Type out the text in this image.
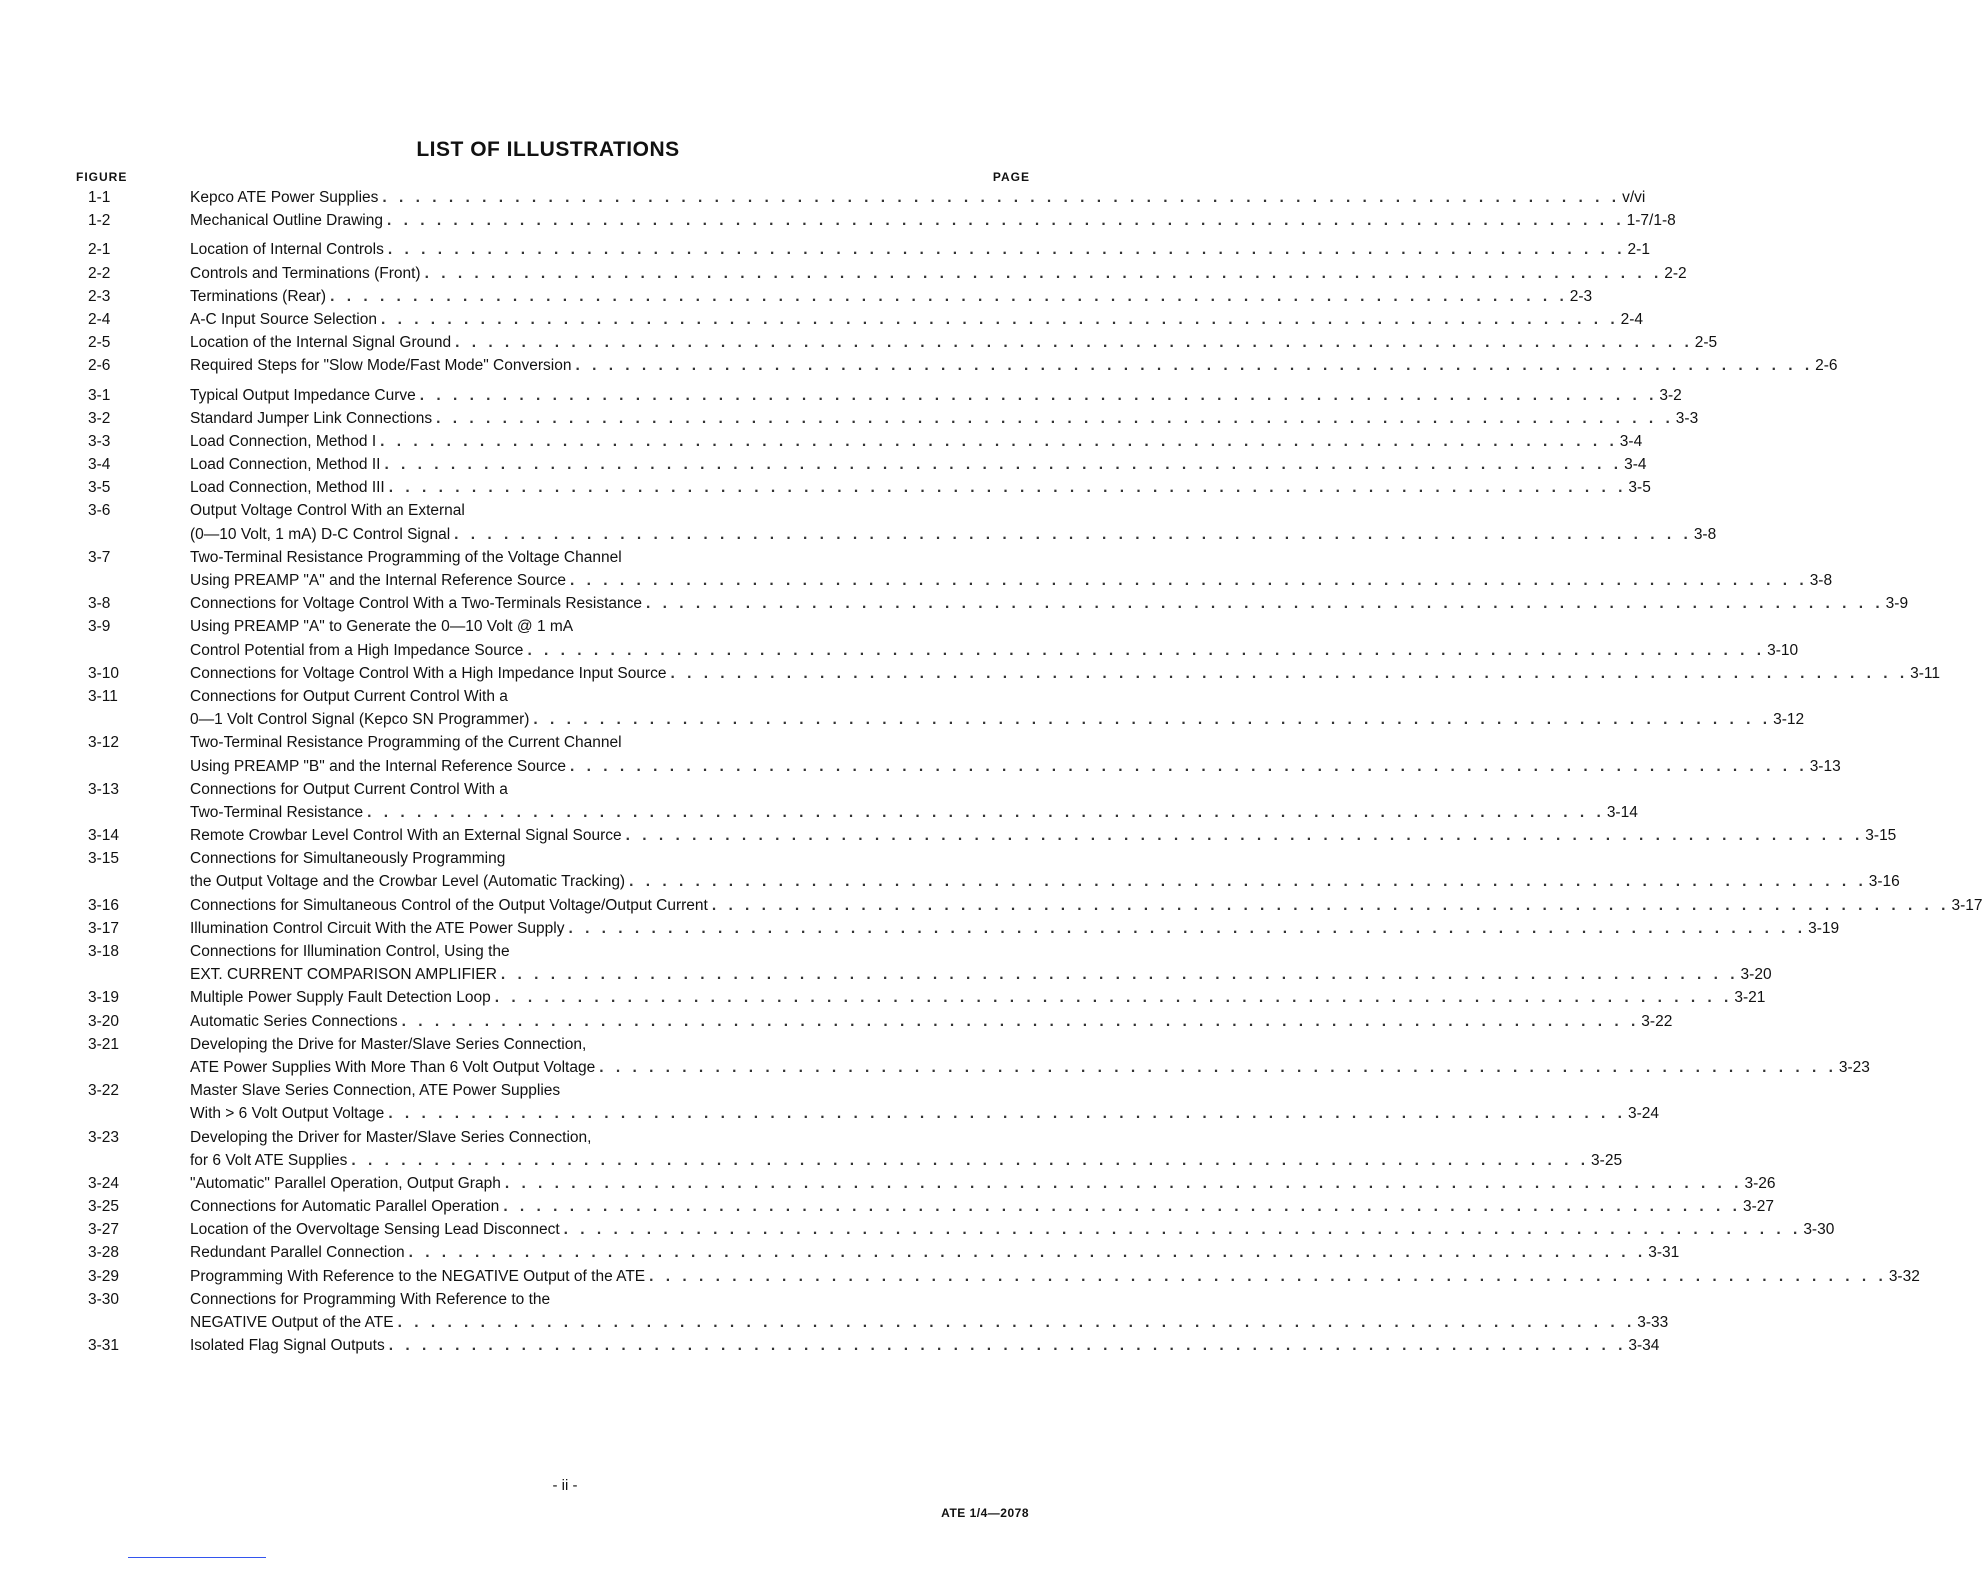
LIST OF ILLUSTRATIONS
FIGURE	PAGE
1-1	Kepco ATE Power Supplies . . . . . . . . . . . . . . . . . . . . . . . . . . . . . . . . . . . . . . . . . . . . . . . . . . . . . . . . . . . . . . . . . . . . . . . . . . . v/vi
1-2	Mechanical Outline Drawing . . . . . . . . . . . . . . . . . . . . . . . . . . . . . . . . . . . . . . . . . . . . . . . . . . . . . . . . . . . . . . . . . . . . . . . . . . . 1-7/1-8
2-1	Location of Internal Controls . . . . . . . . . . . . . . . . . . . . . . . . . . . . . . . . . . . . . . . . . . . . . . . . . . . . . . . . . . . . . . . . . . . . . . . . . . . 2-1
2-2	Controls and Terminations (Front) . . . . . . . . . . . . . . . . . . . . . . . . . . . . . . . . . . . . . . . . . . . . . . . . . . . . . . . . . . . . . . . . . . . . . . . . . . . 2-2
2-3	Terminations (Rear) . . . . . . . . . . . . . . . . . . . . . . . . . . . . . . . . . . . . . . . . . . . . . . . . . . . . . . . . . . . . . . . . . . . . . . . . . . . 2-3
2-4	A-C Input Source Selection . . . . . . . . . . . . . . . . . . . . . . . . . . . . . . . . . . . . . . . . . . . . . . . . . . . . . . . . . . . . . . . . . . . . . . . . . . . 2-4
2-5	Location of the Internal Signal Ground . . . . . . . . . . . . . . . . . . . . . . . . . . . . . . . . . . . . . . . . . . . . . . . . . . . . . . . . . . . . . . . . . . . . . . . . . . . 2-5
2-6	Required Steps for "Slow Mode/Fast Mode" Conversion . . . . . . . . . . . . . . . . . . . . . . . . . . . . . . . . . . . . . . . . . . . . . . . . . . . . . . . . . . . . . . . . . . . . . . . . . . . 2-6
3-1	Typical Output Impedance Curve . . . . . . . . . . . . . . . . . . . . . . . . . . . . . . . . . . . . . . . . . . . . . . . . . . . . . . . . . . . . . . . . . . . . . . . . . . . 3-2
3-2	Standard Jumper Link Connections . . . . . . . . . . . . . . . . . . . . . . . . . . . . . . . . . . . . . . . . . . . . . . . . . . . . . . . . . . . . . . . . . . . . . . . . . . . 3-3
3-3	Load Connection, Method I . . . . . . . . . . . . . . . . . . . . . . . . . . . . . . . . . . . . . . . . . . . . . . . . . . . . . . . . . . . . . . . . . . . . . . . . . . . 3-4
3-4	Load Connection, Method II . . . . . . . . . . . . . . . . . . . . . . . . . . . . . . . . . . . . . . . . . . . . . . . . . . . . . . . . . . . . . . . . . . . . . . . . . . . 3-4
3-5	Load Connection, Method III . . . . . . . . . . . . . . . . . . . . . . . . . . . . . . . . . . . . . . . . . . . . . . . . . . . . . . . . . . . . . . . . . . . . . . . . . . . 3-5
3-6	Output Voltage Control With an External
(0—10 Volt, 1 mA) D-C Control Signal . . . . . . . . . . . . . . . . . . . . . . . . . . . . . . . . . . . . . . . . . . . . . . . . . . . . . . . . . . . . . . . . . . . . . . . . . . . 3-8
3-7	Two-Terminal Resistance Programming of the Voltage Channel
Using PREAMP "A" and the Internal Reference Source . . . . . . . . . . . . . . . . . . . . . . . . . . . . . . . . . . . . . . . . . . . . . . . . . . . . . . . . . . . . . . . . . . . . . . . . . . . 3-8
3-8	Connections for Voltage Control With a Two-Terminals Resistance . . . . . . . . . . . . . . . . . . . . . . . . . . . . . . . . . . . . . . . . . . . . . . . . . . . . . . . . . . . . . . . . . . . . . . . . . . . 3-9
3-9	Using PREAMP "A" to Generate the 0—10 Volt @ 1 mA
Control Potential from a High Impedance Source . . . . . . . . . . . . . . . . . . . . . . . . . . . . . . . . . . . . . . . . . . . . . . . . . . . . . . . . . . . . . . . . . . . . . . . . . . . 3-10
3-10	Connections for Voltage Control With a High Impedance Input Source . . . . . . . . . . . . . . . . . . . . . . . . . . . . . . . . . . . . . . . . . . . . . . . . . . . . . . . . . . . . . . . . . . . . . . . . . . . 3-11
3-11	Connections for Output Current Control With a
0—1 Volt Control Signal (Kepco SN Programmer) . . . . . . . . . . . . . . . . . . . . . . . . . . . . . . . . . . . . . . . . . . . . . . . . . . . . . . . . . . . . . . . . . . . . . . . . . . . 3-12
3-12	Two-Terminal Resistance Programming of the Current Channel
Using PREAMP "B" and the Internal Reference Source . . . . . . . . . . . . . . . . . . . . . . . . . . . . . . . . . . . . . . . . . . . . . . . . . . . . . . . . . . . . . . . . . . . . . . . . . . . 3-13
3-13	Connections for Output Current Control With a
Two-Terminal Resistance . . . . . . . . . . . . . . . . . . . . . . . . . . . . . . . . . . . . . . . . . . . . . . . . . . . . . . . . . . . . . . . . . . . . . . . . . . . 3-14
3-14	Remote Crowbar Level Control With an External Signal Source . . . . . . . . . . . . . . . . . . . . . . . . . . . . . . . . . . . . . . . . . . . . . . . . . . . . . . . . . . . . . . . . . . . . . . . . . . . 3-15
3-15	Connections for Simultaneously Programming
the Output Voltage and the Crowbar Level (Automatic Tracking) . . . . . . . . . . . . . . . . . . . . . . . . . . . . . . . . . . . . . . . . . . . . . . . . . . . . . . . . . . . . . . . . . . . . . . . . . . . 3-16
3-16	Connections for Simultaneous Control of the Output Voltage/Output Current . . . . . . . . . . . . . . . . . . . . . . . . . . . . . . . . . . . . . . . . . . . . . . . . . . . . . . . . . . . . . . . . . . . . . . . . . . . 3-17
3-17	Illumination Control Circuit With the ATE Power Supply . . . . . . . . . . . . . . . . . . . . . . . . . . . . . . . . . . . . . . . . . . . . . . . . . . . . . . . . . . . . . . . . . . . . . . . . . . . 3-19
3-18	Connections for Illumination Control, Using the
EXT. CURRENT COMPARISON AMPLIFIER . . . . . . . . . . . . . . . . . . . . . . . . . . . . . . . . . . . . . . . . . . . . . . . . . . . . . . . . . . . . . . . . . . . . . . . . . . . 3-20
3-19	Multiple Power Supply Fault Detection Loop . . . . . . . . . . . . . . . . . . . . . . . . . . . . . . . . . . . . . . . . . . . . . . . . . . . . . . . . . . . . . . . . . . . . . . . . . . . 3-21
3-20	Automatic Series Connections . . . . . . . . . . . . . . . . . . . . . . . . . . . . . . . . . . . . . . . . . . . . . . . . . . . . . . . . . . . . . . . . . . . . . . . . . . . 3-22
3-21	Developing the Drive for Master/Slave Series Connection,
ATE Power Supplies With More Than 6 Volt Output Voltage . . . . . . . . . . . . . . . . . . . . . . . . . . . . . . . . . . . . . . . . . . . . . . . . . . . . . . . . . . . . . . . . . . . . . . . . . . . 3-23
3-22	Master Slave Series Connection, ATE Power Supplies
With > 6 Volt Output Voltage . . . . . . . . . . . . . . . . . . . . . . . . . . . . . . . . . . . . . . . . . . . . . . . . . . . . . . . . . . . . . . . . . . . . . . . . . . . 3-24
3-23	Developing the Driver for Master/Slave Series Connection,
for 6 Volt ATE Supplies . . . . . . . . . . . . . . . . . . . . . . . . . . . . . . . . . . . . . . . . . . . . . . . . . . . . . . . . . . . . . . . . . . . . . . . . . . . 3-25
3-24	"Automatic" Parallel Operation, Output Graph . . . . . . . . . . . . . . . . . . . . . . . . . . . . . . . . . . . . . . . . . . . . . . . . . . . . . . . . . . . . . . . . . . . . . . . . . . . 3-26
3-25	Connections for Automatic Parallel Operation . . . . . . . . . . . . . . . . . . . . . . . . . . . . . . . . . . . . . . . . . . . . . . . . . . . . . . . . . . . . . . . . . . . . . . . . . . . 3-27
3-27	Location of the Overvoltage Sensing Lead Disconnect . . . . . . . . . . . . . . . . . . . . . . . . . . . . . . . . . . . . . . . . . . . . . . . . . . . . . . . . . . . . . . . . . . . . . . . . . . . 3-30
3-28	Redundant Parallel Connection . . . . . . . . . . . . . . . . . . . . . . . . . . . . . . . . . . . . . . . . . . . . . . . . . . . . . . . . . . . . . . . . . . . . . . . . . . . 3-31
3-29	Programming With Reference to the NEGATIVE Output of the ATE . . . . . . . . . . . . . . . . . . . . . . . . . . . . . . . . . . . . . . . . . . . . . . . . . . . . . . . . . . . . . . . . . . . . . . . . . . . 3-32
3-30	Connections for Programming With Reference to the
NEGATIVE Output of the ATE . . . . . . . . . . . . . . . . . . . . . . . . . . . . . . . . . . . . . . . . . . . . . . . . . . . . . . . . . . . . . . . . . . . . . . . . . . . 3-33
3-31	Isolated Flag Signal Outputs . . . . . . . . . . . . . . . . . . . . . . . . . . . . . . . . . . . . . . . . . . . . . . . . . . . . . . . . . . . . . . . . . . . . . . . . . . . 3-34
- ii -
ATE 1/4—2078
